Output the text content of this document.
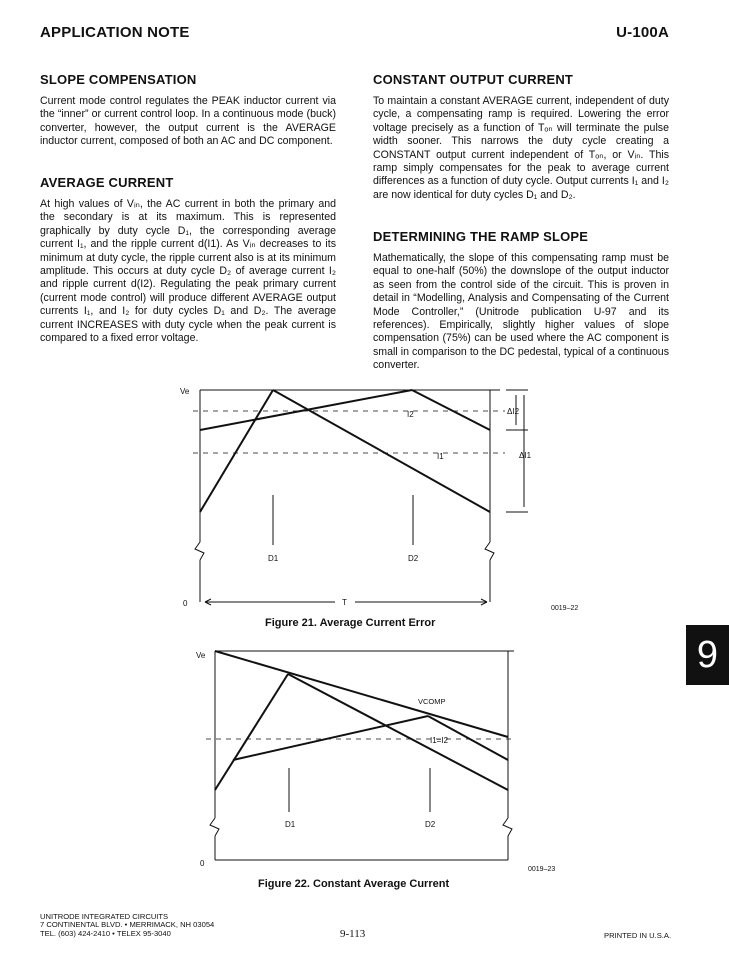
APPLICATION NOTE	U-100A
SLOPE COMPENSATION

Current mode control regulates the PEAK inductor current via the “inner” or current control loop. In a continuous mode (buck) converter, however, the output current is the AVERAGE inductor current, composed of both an AC and DC component.

AVERAGE CURRENT

At high values of Vᵢₙ, the AC current in both the primary and the secondary is at its maximum. This is represented graphically by duty cycle D₁, the corresponding average current I₁, and the ripple current d(I1). As Vᵢₙ decreases to its minimum at duty cycle, the ripple current also is at its minimum amplitude. This occurs at duty cycle D₂ of average current I₂ and ripple current d(I2). Regulating the peak primary current (current mode control) will produce different AVERAGE output currents I₁, and I₂ for duty cycles D₁ and D₂. The average current INCREASES with duty cycle when the peak current is compared to a fixed error voltage.

CONSTANT OUTPUT CURRENT

To maintain a constant AVERAGE current, independent of duty cycle, a compensating ramp is required. Lowering the error voltage precisely as a function of Tₒₙ will terminate the pulse width sooner. This narrows the duty cycle creating a CONSTANT output current independent of Tₒₙ, or Vᵢₙ. This ramp simply compensates for the peak to average current differences as a function of duty cycle. Output currents I₁ and I₂ are now identical for duty cycles D₁ and D₂.

DETERMINING THE RAMP SLOPE

Mathematically, the slope of this compensating ramp must be equal to one-half (50%) the downslope of the output inductor as seen from the control side of the circuit. This is proven in detail in “Modelling, Analysis and Compensating of the Current Mode Controller,” (Unitrode publication U-97 and its references). Empirically, slightly higher values of slope compensation (75%) can be used where the AC component is small in comparison to the DC pedestal, typical of a continuous converter.

Ve
I2
I1
ΔI2
ΔI1
D1	D2
0	T
0019–22
Figure 21. Average Current Error
Ve
VCOMP
I1=I2
D1	D2
0
0019–23
Figure 22. Constant Average Current
9
UNITRODE INTEGRATED CIRCUITS
7 CONTINENTAL BLVD. • MERRIMACK, NH 03054
TEL. (603) 424-2410 • TELEX 95-3040	9-113	PRINTED IN U.S.A.
